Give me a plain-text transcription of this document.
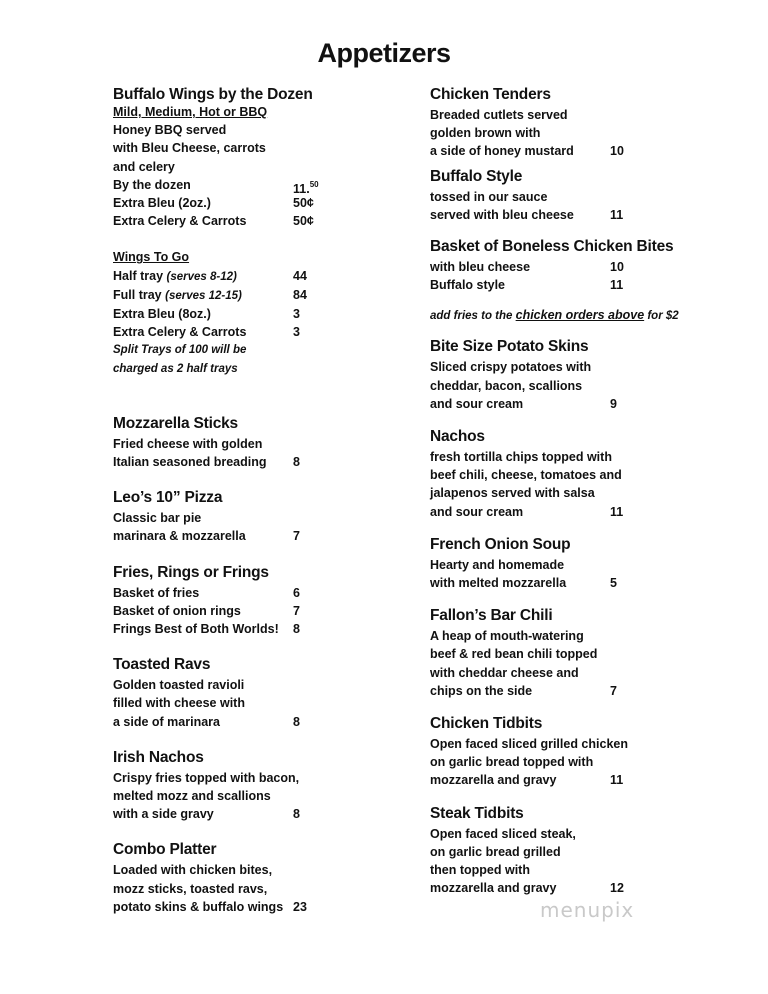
Appetizers
Buffalo Wings by the Dozen
Mild, Medium, Hot or BBQ
Honey BBQ served
with Bleu Cheese, carrots
and celery
By the dozen	11.50
Extra Bleu (2oz.)	50¢
Extra Celery & Carrots	50¢
Wings To Go
Half tray (serves 8-12)	44
Full tray (serves 12-15)	84
Extra Bleu (8oz.)	3
Extra Celery & Carrots	3
Split Trays of 100 will be
charged as 2 half trays
Mozzarella Sticks
Fried cheese with golden
Italian seasoned breading 8
Leo’s 10” Pizza
Classic bar pie
marinara & mozzarella	7
Fries, Rings or Frings
Basket of fries	6
Basket of onion rings	7
Frings Best of Both Worlds! 8
Toasted Ravs
Golden toasted ravioli
filled with cheese with
a side of marinara	8
Irish Nachos
Crispy fries topped with bacon,
melted mozz and scallions
with a side gravy	8
Combo Platter
Loaded with chicken bites,
mozz sticks, toasted ravs,
potato skins & buffalo wings 23
Chicken Tenders
Breaded cutlets served
golden brown with
a side of honey mustard	10
Buffalo Style
tossed in our sauce
served with bleu cheese	11
Basket of Boneless Chicken Bites
with bleu cheese	10
Buffalo style	11
add fries to the chicken orders above for $2
Bite Size Potato Skins
Sliced crispy potatoes with
cheddar, bacon, scallions
and sour cream	9
Nachos
fresh tortilla chips topped with
beef chili, cheese, tomatoes and
jalapenos served with salsa
and sour cream	11
French Onion Soup
Hearty and homemade
with melted mozzarella	5
Fallon’s Bar Chili
A heap of mouth-watering
beef & red bean chili topped
with cheddar cheese and
chips on the side	7
Chicken Tidbits
Open faced sliced grilled chicken
on garlic bread topped with
mozzarella and gravy	11
Steak Tidbits
Open faced sliced steak,
on garlic bread grilled
then topped with
mozzarella and gravy	12
menupix
